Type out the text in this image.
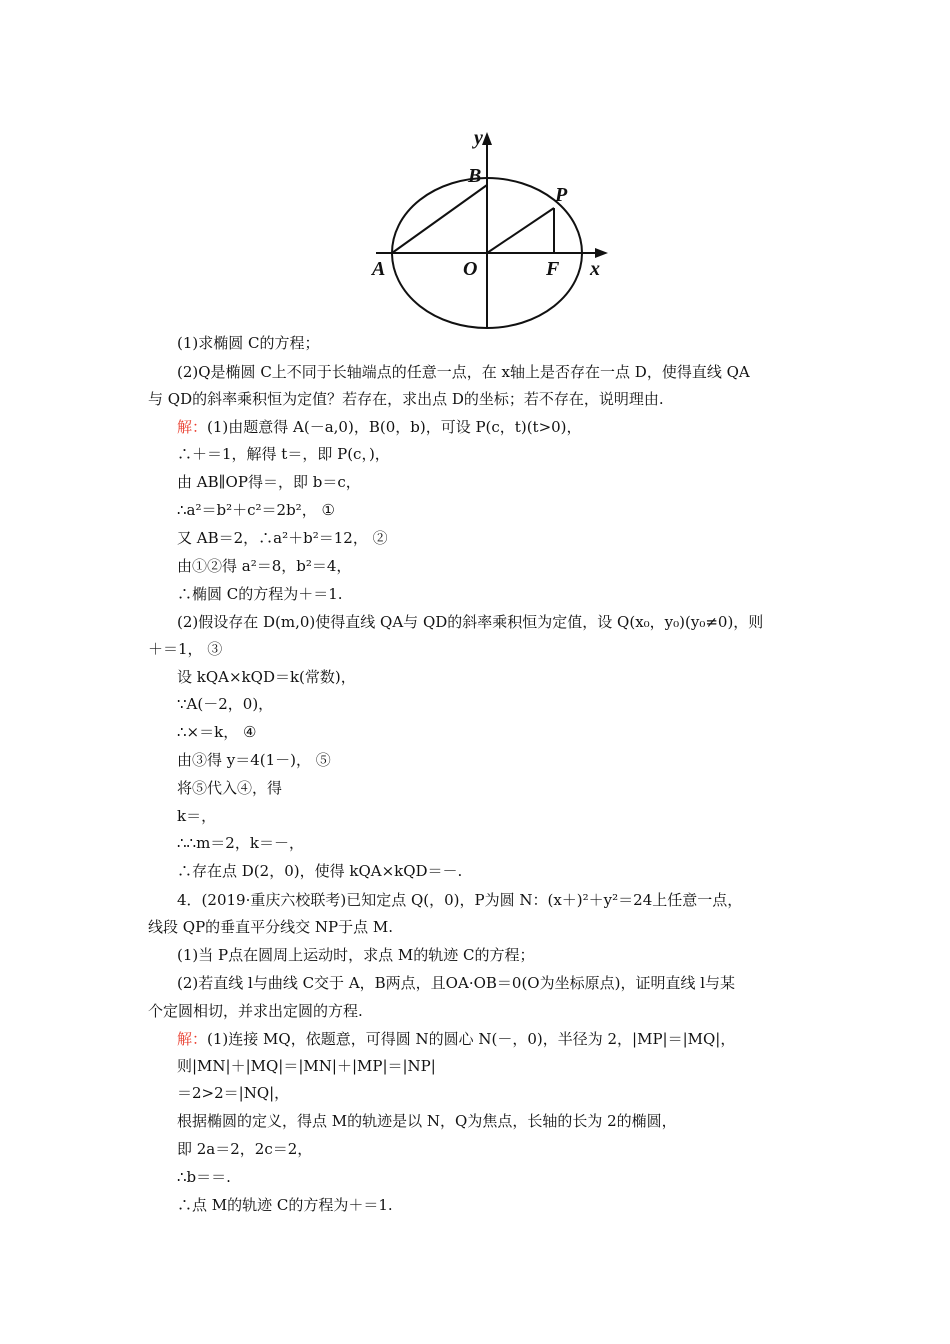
y
B
P
A	O	F x
(1)求椭圆 C的方程；
(2)Q是椭圆 C上不同于长轴端点的任意一点，在 x轴上是否存在一点 D，使得直线 QA
与 QD的斜率乘积恒为定值？若存在，求出点 D的坐标；若不存在，说明理由.
解：(1)由题意得 A(－a,0)，B(0，b)，可设 P(c，t)(t>0)，
∴＋＝1，解得 t＝，即 P(c，)，
由 AB∥OP得＝，即 b＝c，
∴a²＝b²＋c²＝2b²， ①
又 AB＝2，∴a²＋b²＝12， ②
由①②得 a²＝8，b²＝4，
∴椭圆 C的方程为＋＝1.
(2)假设存在 D(m,0)使得直线 QA与 QD的斜率乘积恒为定值，设 Q(x₀，y₀)(y₀≠0)，则
＋＝1， ③
设 kQA×kQD＝k(常数)，
∵A(－2，0)，
∴×＝k， ④
由③得 y＝4(1－)， ⑤
将⑤代入④，得
k＝，
∴∴m＝2，k＝－，
∴存在点 D(2，0)，使得 kQA×kQD＝－.
4．(2019·重庆六校联考)已知定点 Q(，0)，P为圆 N：(x＋)²＋y²＝24上任意一点，
线段 QP的垂直平分线交 NP于点 M.
(1)当 P点在圆周上运动时，求点 M的轨迹 C的方程；
(2)若直线 l与曲线 C交于 A，B两点，且OA·OB＝0(O为坐标原点)，证明直线 l与某
个定圆相切，并求出定圆的方程.
解：(1)连接 MQ，依题意，可得圆 N的圆心 N(－，0)，半径为 2，|MP|＝|MQ|，
则|MN|＋|MQ|＝|MN|＋|MP|＝|NP|
＝2>2＝|NQ|，
根据椭圆的定义，得点 M的轨迹是以 N，Q为焦点，长轴的长为 2的椭圆，
即 2a＝2，2c＝2，
∴b＝＝.
∴点 M的轨迹 C的方程为＋＝1.
